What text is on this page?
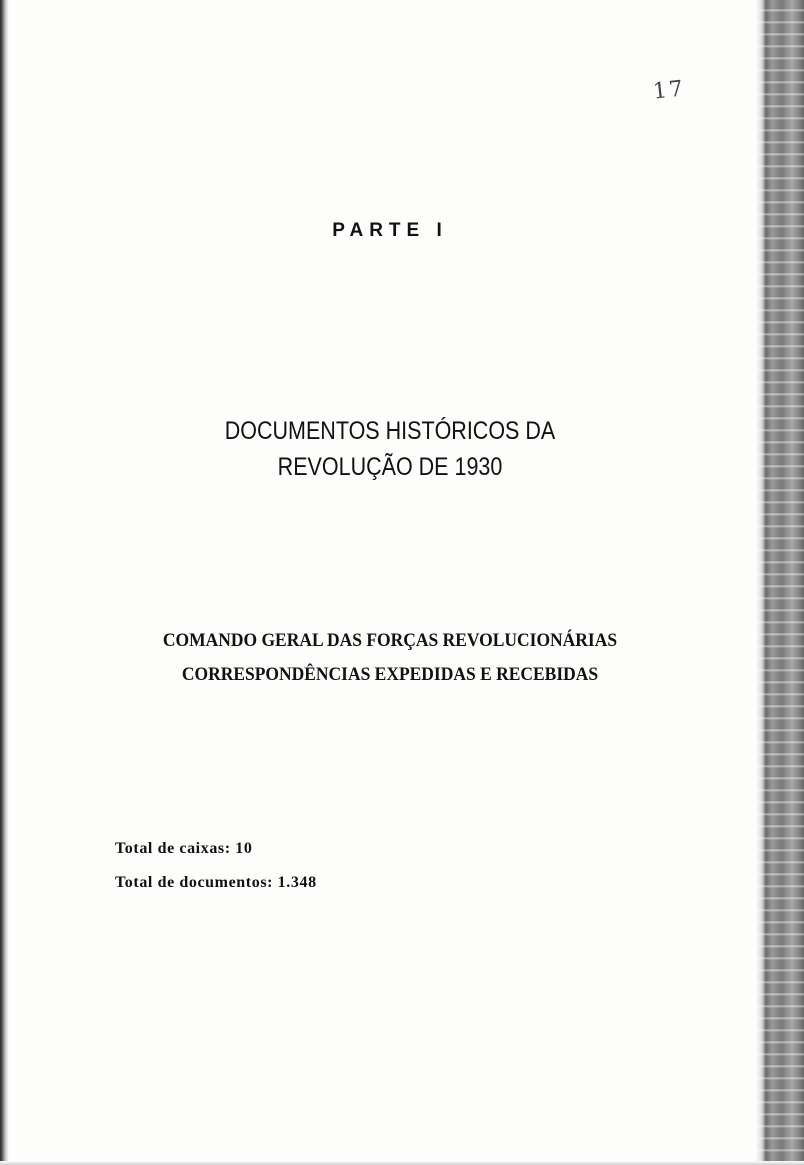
17
PARTE I
DOCUMENTOS HISTÓRICOS DA
REVOLUÇÃO DE 1930
COMANDO GERAL DAS FORÇAS REVOLUCIONÁRIAS
CORRESPONDÊNCIAS EXPEDIDAS E RECEBIDAS
Total de caixas: 10
Total de documentos: 1.348
